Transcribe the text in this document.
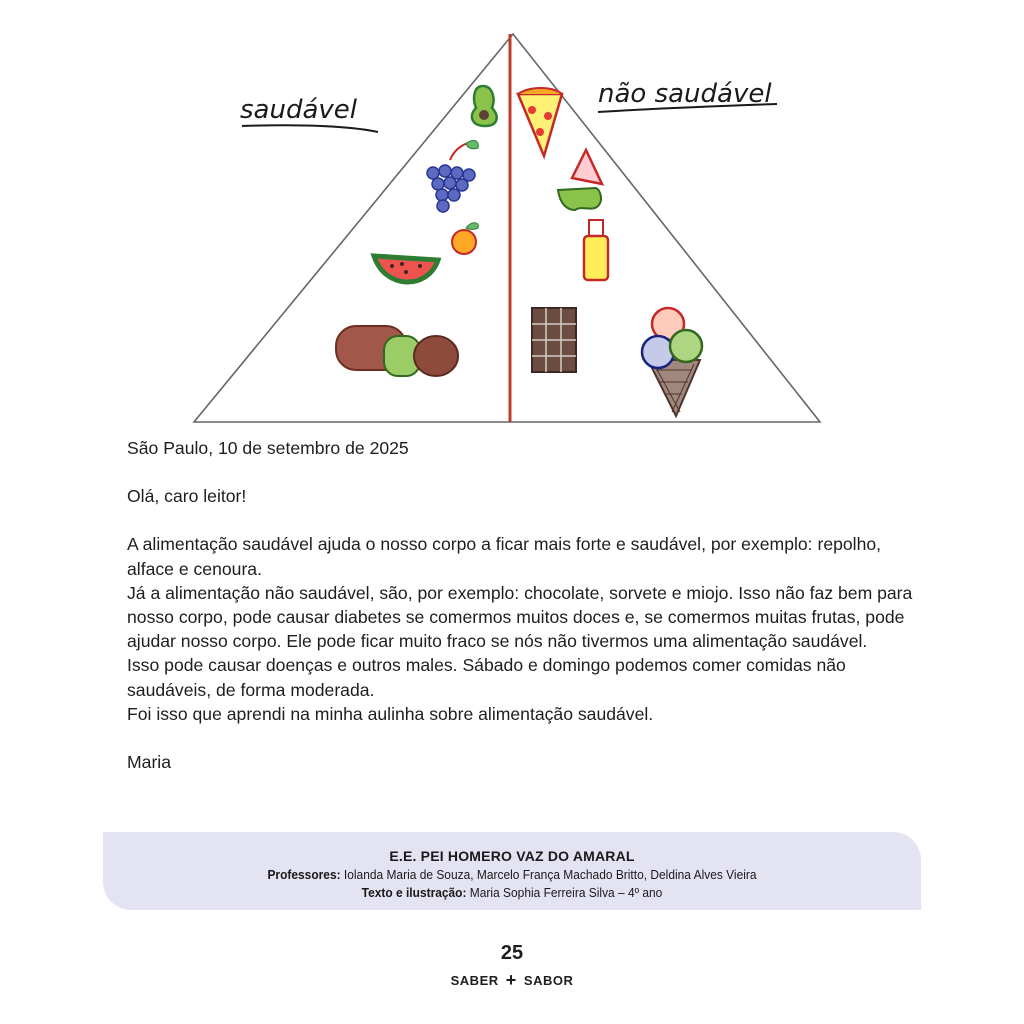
saudável
não saudável

São Paulo, 10 de setembro de 2025

Olá, caro leitor!

A alimentação saudável ajuda o nosso corpo a ficar mais forte e saudável, por exemplo: repolho, alface e cenoura.

Já a alimentação não saudável, são, por exemplo: chocolate, sorvete e miojo. Isso não faz bem para nosso corpo, pode causar diabetes se comermos muitos doces e, se comermos muitas frutas, pode ajudar nosso corpo. Ele pode ficar muito fraco se nós não tivermos uma alimentação saudável.

Isso pode causar doenças e outros males. Sábado e domingo podemos comer comidas não saudáveis, de forma moderada.

Foi isso que aprendi na minha aulinha sobre alimentação saudável.

Maria

E.E. PEI HOMERO VAZ DO AMARAL
Professores: Iolanda Maria de Souza, Marcelo França Machado Britto, Deldina Alves Vieira
Texto e ilustração: Maria Sophia Ferreira Silva – 4º ano
25
SABER + SABOR
